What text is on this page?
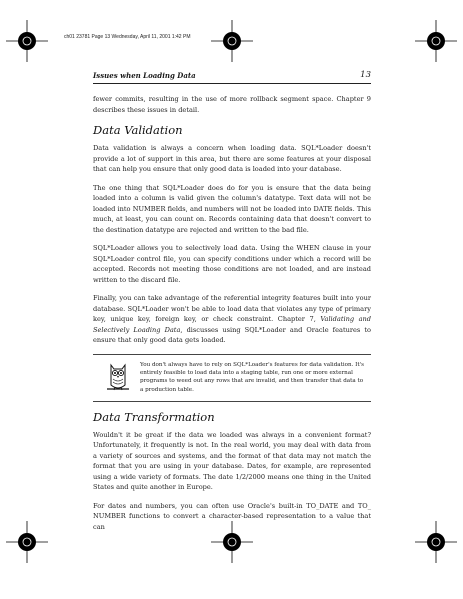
ch01 23781 Page 13 Wednesday, April 11, 2001 1:42 PM
Issues when Loading Data	13

fewer commits, resulting in the use of more rollback segment space. Chapter 9 describes these issues in detail.

Data Validation

Data validation is always a concern when loading data. SQL*Loader doesn't provide a lot of support in this area, but there are some features at your disposal that can help you ensure that only good data is loaded into your database.

The one thing that SQL*Loader does do for you is ensure that the data being loaded into a column is valid given the column's datatype. Text data will not be loaded into NUMBER fields, and numbers will not be loaded into DATE fields. This much, at least, you can count on. Records containing data that doesn't convert to the destination datatype are rejected and written to the bad file.

SQL*Loader allows you to selectively load data. Using the WHEN clause in your SQL*Loader control file, you can specify conditions under which a record will be accepted. Records not meeting those conditions are not loaded, and are instead written to the discard file.

Finally, you can take advantage of the referential integrity features built into your database. SQL*Loader won't be able to load data that violates any type of primary key, unique key, foreign key, or check constraint. Chapter 7, Validating and Selectively Loading Data, discusses using SQL*Loader and Oracle features to ensure that only good data gets loaded.

You don't always have to rely on SQL*Loader's features for data validation. It's entirely feasible to load data into a staging table, run one or more external programs to weed out any rows that are invalid, and then transfer that data to a production table.

Data Transformation

Wouldn't it be great if the data we loaded was always in a convenient format? Unfortunately, it frequently is not. In the real world, you may deal with data from a variety of sources and systems, and the format of that data may not match the format that you are using in your database. Dates, for example, are represented using a wide variety of formats. The date 1/2/2000 means one thing in the United States and quite another in Europe.

For dates and numbers, you can often use Oracle's built-in TO_DATE and TO_ NUMBER functions to convert a character-based representation to a value that can
